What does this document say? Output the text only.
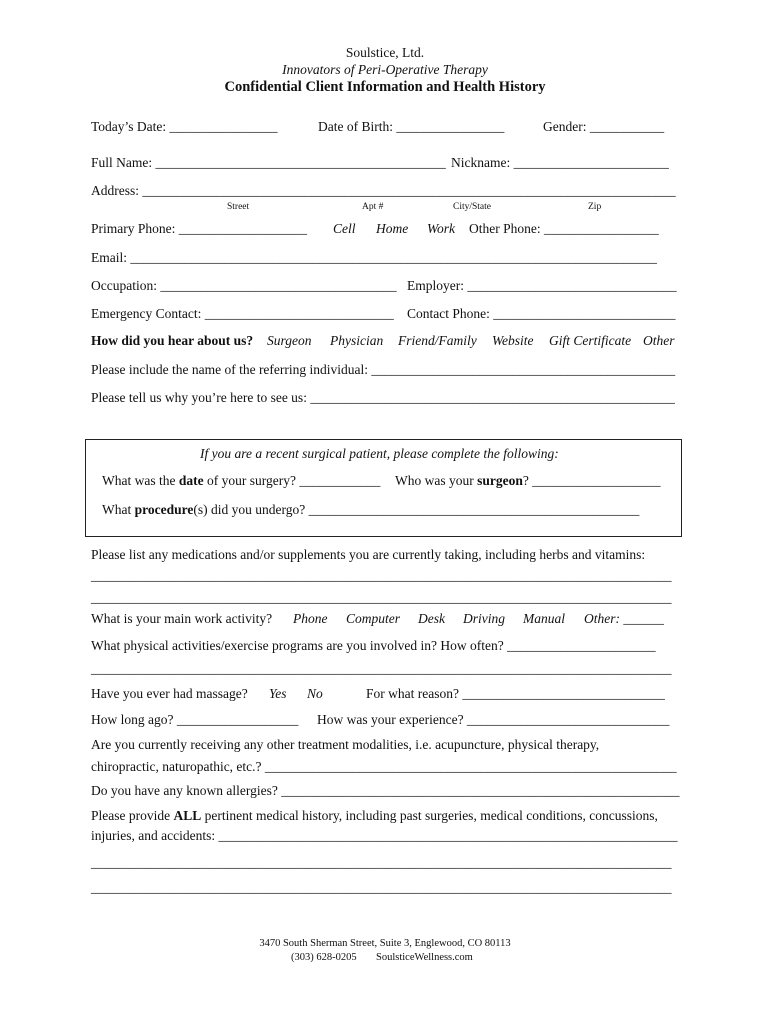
Soulstice, Ltd.
Innovators of Peri-Operative Therapy
Confidential Client Information and Health History
Today’s Date: ________________	Date of Birth: ________________	Gender: ___________
Full Name: ___________________________________________ Nickname: _______________________
Address: _______________________________________________________________________________
Street	Apt #	City/State	Zip
Primary Phone: ___________________ Cell Home Work Other Phone: _________________
Email: ______________________________________________________________________________
Occupation: ___________________________________ Employer: _______________________________
Emergency Contact: ____________________________ Contact Phone: ___________________________
How did you hear about us? Surgeon Physician Friend/Family Website Gift Certificate Other
Please include the name of the referring individual: _____________________________________________
Please tell us why you’re here to see us: ______________________________________________________
If you are a recent surgical patient, please complete the following:
What was the date of your surgery? ____________ Who was your surgeon? ___________________
What procedure(s) did you undergo? _________________________________________________
Please list any medications and/or supplements you are currently taking, including herbs and vitamins:
______________________________________________________________________________________
______________________________________________________________________________________
What is your main work activity? Phone Computer Desk Driving Manual Other: ______
What physical activities/exercise programs are you involved in? How often? ______________________
______________________________________________________________________________________
Have you ever had massage? Yes No	For what reason? ______________________________
How long ago? __________________ How was your experience? ______________________________
Are you currently receiving any other treatment modalities, i.e. acupuncture, physical therapy,
chiropractic, naturopathic, etc.? _____________________________________________________________
Do you have any known allergies? ___________________________________________________________
Please provide ALL pertinent medical history, including past surgeries, medical conditions, concussions,
injuries, and accidents: ____________________________________________________________________
______________________________________________________________________________________
______________________________________________________________________________________
3470 South Sherman Street, Suite 3, Englewood, CO 80113
(303) 628-0205 SoulsticeWellness.com
